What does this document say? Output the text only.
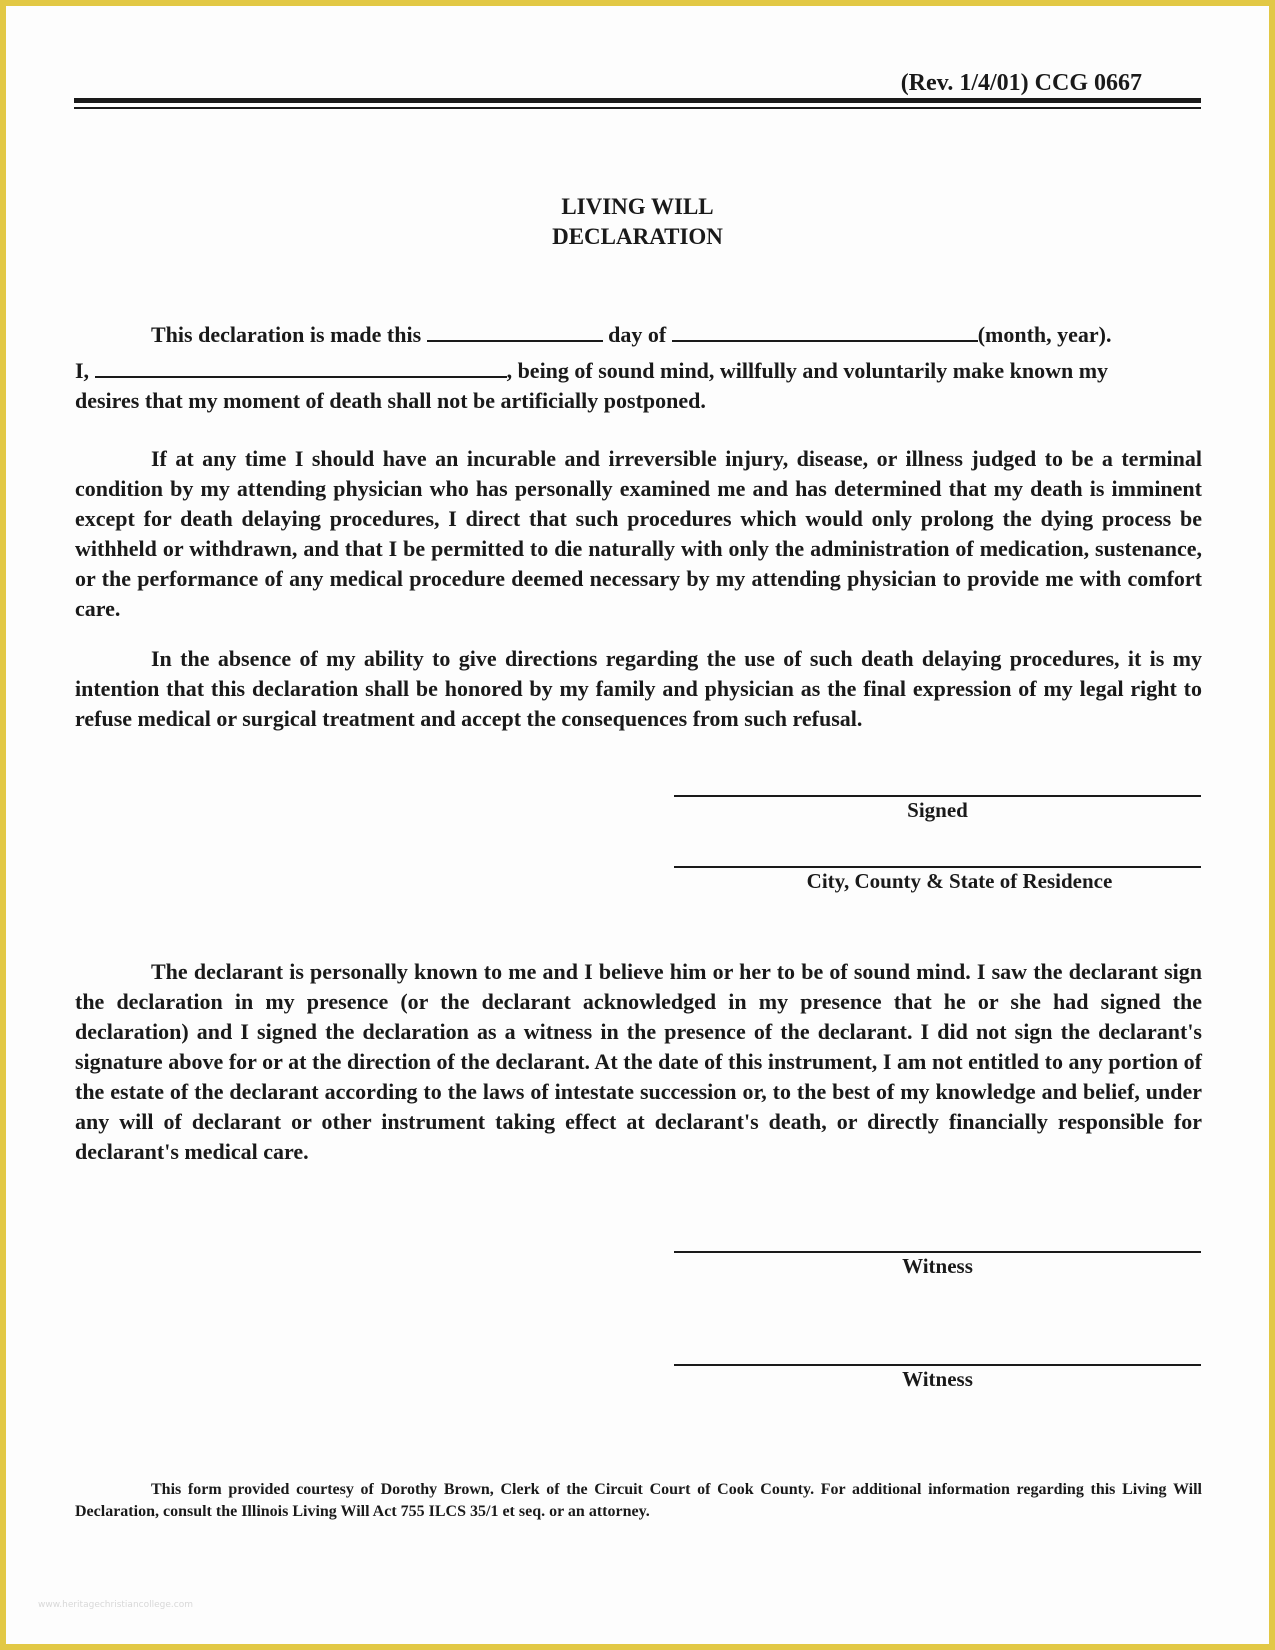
(Rev. 1/4/01) CCG 0667
LIVING WILL
DECLARATION
This declaration is made this	day of	(month, year).
I,	, being of sound mind, willfully and voluntarily make known my
desires that my moment of death shall not be artificially postponed.
If at any time I should have an incurable and irreversible injury, disease, or illness judged to be a terminal condition by my attending physician who has personally examined me and has determined that my death is imminent except for death delaying procedures, I direct that such procedures which would only prolong the dying process be withheld or withdrawn, and that I be permitted to die naturally with only the administration of medication, sustenance, or the performance of any medical procedure deemed necessary by my attending physician to provide me with comfort care.
In the absence of my ability to give directions regarding the use of such death delaying procedures, it is my intention that this declaration shall be honored by my family and physician as the final expression of my legal right to refuse medical or surgical treatment and accept the consequences from such refusal.
Signed
City, County & State of Residence
The declarant is personally known to me and I believe him or her to be of sound mind. I saw the declarant sign the declaration in my presence (or the declarant acknowledged in my presence that he or she had signed the declaration) and I signed the declaration as a witness in the presence of the declarant. I did not sign the declarant's signature above for or at the direction of the declarant. At the date of this instrument, I am not entitled to any portion of the estate of the declarant according to the laws of intestate succession or, to the best of my knowledge and belief, under any will of declarant or other instrument taking effect at declarant's death, or directly financially responsible for declarant's medical care.
Witness
Witness
This form provided courtesy of Dorothy Brown, Clerk of the Circuit Court of Cook County. For additional information regarding this Living Will Declaration, consult the Illinois Living Will Act 755 ILCS 35/1 et seq. or an attorney.
www.heritagechristiancollege.com
